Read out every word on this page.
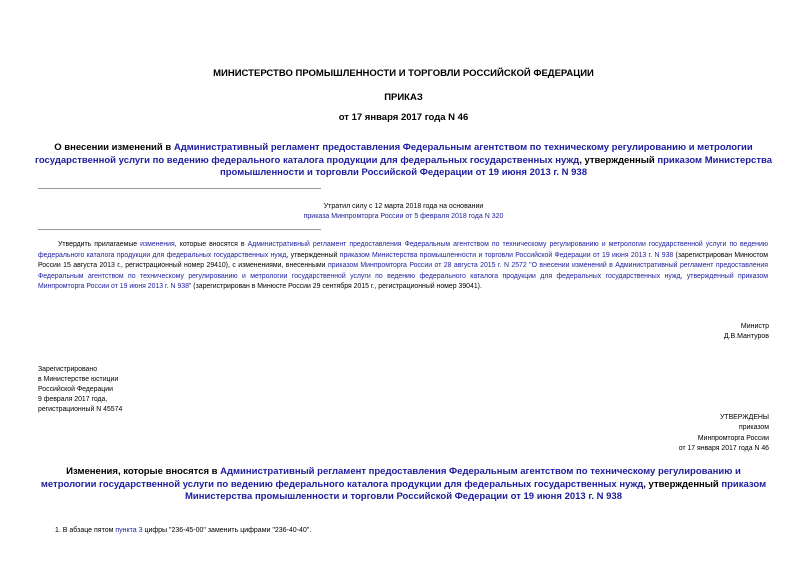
МИНИСТЕРСТВО ПРОМЫШЛЕННОСТИ И ТОРГОВЛИ РОССИЙСКОЙ ФЕДЕРАЦИИ
ПРИКАЗ
от 17 января 2017 года N 46
О внесении изменений в Административный регламент предоставления Федеральным агентством по техническому регулированию и метрологии государственной услуги по ведению федерального каталога продукции для федеральных государственных нужд, утвержденный приказом Министерства промышленности и торговли Российской Федерации от 19 июня 2013 г. N 938
Утратил силу с 12 марта 2018 года на основании
приказа Минпромторга России от 5 февраля 2018 года N 320
Утвердить прилагаемые изменения, которые вносятся в Административный регламент предоставления Федеральным агентством по техническому регулированию и метрологии государственной услуги по ведению федерального каталога продукции для федеральных государственных нужд, утвержденный приказом Министерства промышленности и торговли Российской Федерации от 19 июня 2013 г. N 938 (зарегистрирован Минюстом России 15 августа 2013 г., регистрационный номер 29410), с изменениями, внесенными приказом Минпромторга России от 28 августа 2015 г. N 2572 "О внесении изменений в Административный регламент предоставления Федеральным агентством по техническому регулированию и метрологии государственной услуги по ведению федерального каталога продукции для федеральных государственных нужд, утвержденный приказом Минпромторга России от 19 июня 2013 г. N 938" (зарегистрирован в Минюсте России 29 сентября 2015 г., регистрационный номер 39041).
Министр
Д.В.Мантуров
Зарегистрировано
в Министерстве юстиции
Российской Федерации
9 февраля 2017 года,
регистрационный N 45574
УТВЕРЖДЕНЫ
приказом
Минпромторга России
от 17 января 2017 года N 46
Изменения, которые вносятся в Административный регламент предоставления Федеральным агентством по техническому регулированию и метрологии государственной услуги по ведению федерального каталога продукции для федеральных государственных нужд, утвержденный приказом Министерства промышленности и торговли Российской Федерации от 19 июня 2013 г. N 938
1. В абзаце пятом пункта 3 цифры "236-45-00" заменить цифрами "236-40-40".
